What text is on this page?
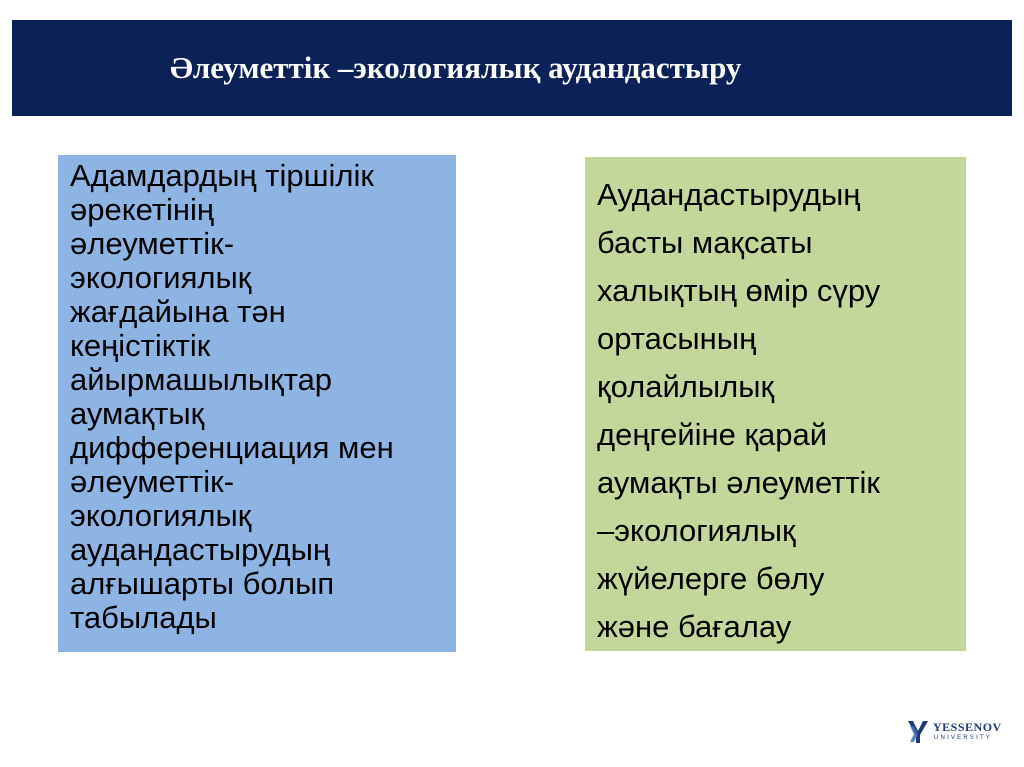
Әлеуметтік –экологиялық аудандастыру
Адамдардың тіршілік
әрекетінің
әлеуметтік-
экологиялық
жағдайына тән
кеңістіктік
айырмашылықтар
аумақтық
дифференциация мен
әлеуметтік-
экологиялық
аудандастырудың
алғышарты болып
табылады
Аудандастырудың
басты мақсаты
халықтың өмір сүру
ортасының
қолайлылық
деңгейіне қарай
аумақты әлеуметтік
–экологиялық
жүйелерге бөлу
және бағалау
YESSENOV
UNIVERSITY
